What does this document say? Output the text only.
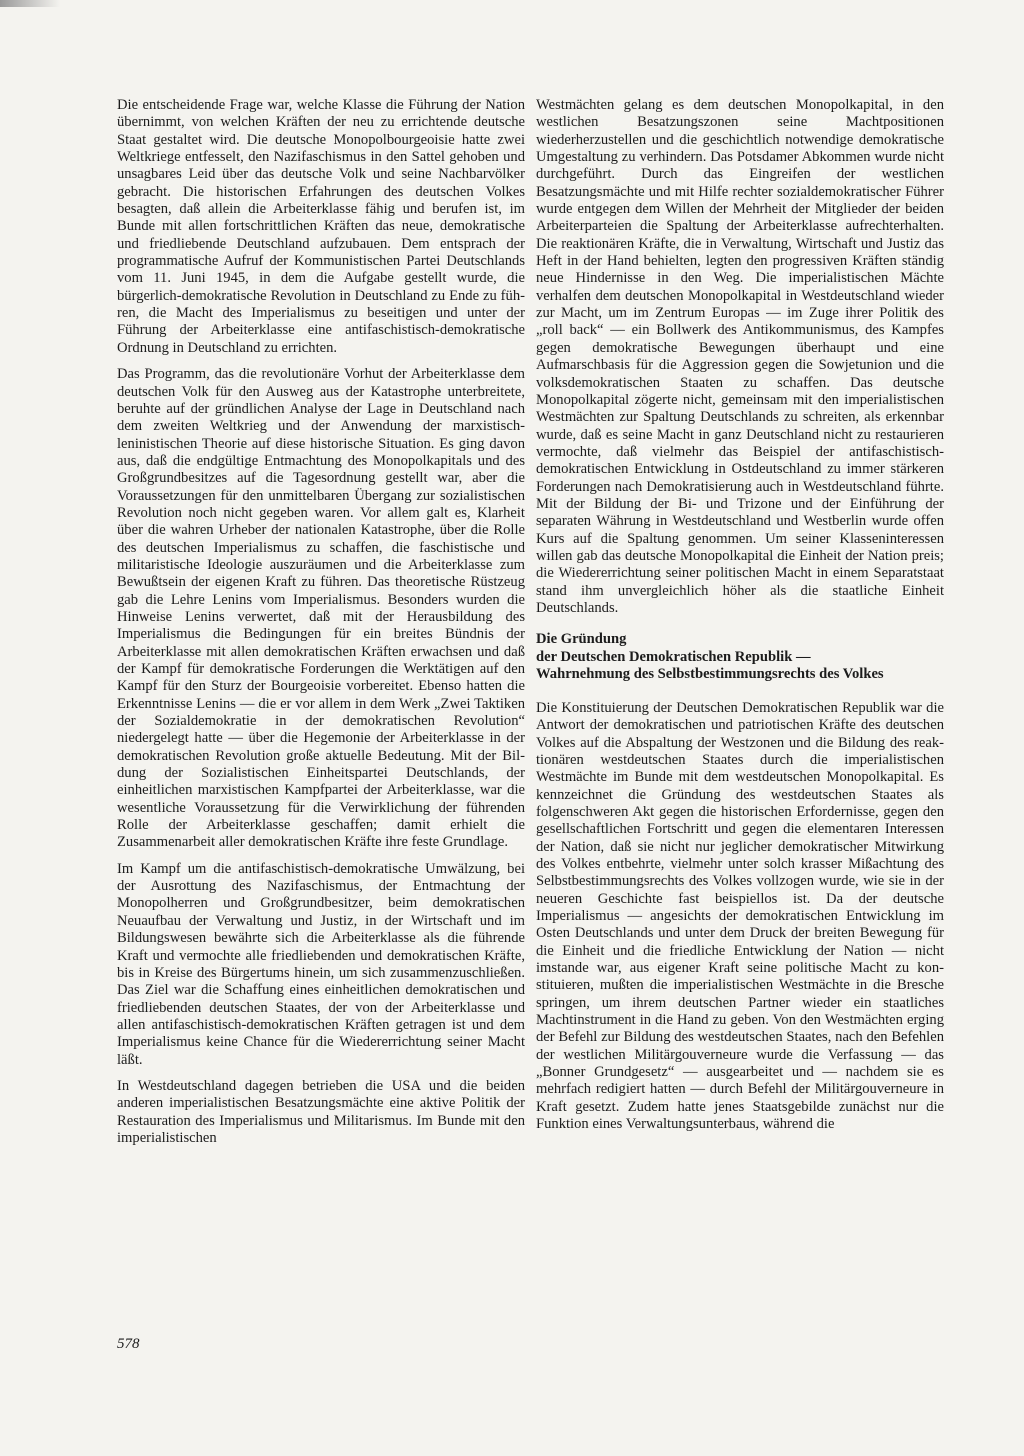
Die entscheidende Frage war, welche Klasse die Führung der Nation übernimmt, von welchen Kräften der neu zu errichtende deutsche Staat gestaltet wird. Die deutsche Monopolbourgeoisie hatte zwei Weltkriege entfesselt, den Nazifaschismus in den Sattel gehoben und unsagbares Leid über das deutsche Volk und seine Nachbarvölker gebracht. Die historischen Erfahrungen des deutschen Volkes besagten, daß allein die Arbeiterklasse fähig und berufen ist, im Bunde mit allen fortschrittlichen Kräften das neue, demokratische und friedliebende Deutschland aufzubauen. Dem entsprach der programmatische Aufruf der Kommunistischen Partei Deutschlands vom 11. Juni 1945, in dem die Aufgabe gestellt wurde, die bürgerlich-demokratische Revolution in Deutschland zu Ende zu führen, die Macht des Imperialismus zu beseitigen und unter der Führung der Arbeiterklasse eine antifaschistisch-demokratische Ordnung in Deutschland zu errichten.

Das Programm, das die revolutionäre Vorhut der Arbeiterklasse dem deutschen Volk für den Ausweg aus der Katastrophe unterbreitete, beruhte auf der gründlichen Analyse der Lage in Deutschland nach dem zweiten Weltkrieg und der Anwendung der marxistisch-leninistischen Theorie auf diese historische Situation. Es ging davon aus, daß die endgültige Entmachtung des Monopolkapitals und des Großgrundbesitzes auf die Tagesordnung gestellt war, aber die Voraussetzungen für den unmittelbaren Übergang zur sozialistischen Revolution noch nicht gegeben waren. Vor allem galt es, Klarheit über die wahren Urheber der nationalen Katastrophe, über die Rolle des deutschen Imperialismus zu schaffen, die faschistische und militaristische Ideologie auszuräumen und die Arbeiterklasse zum Bewußtsein der eigenen Kraft zu führen. Das theoretische Rüstzeug gab die Lehre Lenins vom Imperialismus. Besonders wurden die Hinweise Lenins verwertet, daß mit der Herausbildung des Imperialismus die Bedingungen für ein breites Bündnis der Arbeiterklasse mit allen demokratischen Kräften erwachsen und daß der Kampf für demokratische Forderungen die Werktätigen auf den Kampf für den Sturz der Bourgeoisie vorbereitet. Ebenso hatten die Erkenntnisse Lenins — die er vor allem in dem Werk „Zwei Taktiken der Sozialdemokratie in der demokratischen Revolution“ niedergelegt hatte — über die Hegemonie der Arbeiterklasse in der demokratischen Revolution große aktuelle Bedeutung. Mit der Bildung der Sozialistischen Einheitspartei Deutschlands, der einheitlichen marxistischen Kampfpartei der Arbeiterklasse, war die wesentliche Voraussetzung für die Verwirklichung der führenden Rolle der Arbeiterklasse geschaffen; damit erhielt die Zusammenarbeit aller demokratischen Kräfte ihre feste Grundlage.

Im Kampf um die antifaschistisch-demokratische Umwälzung, bei der Ausrottung des Nazifaschismus, der Entmachtung der Monopolherren und Großgrundbesitzer, beim demokratischen Neuaufbau der Verwaltung und Justiz, in der Wirtschaft und im Bildungswesen bewährte sich die Arbeiterklasse als die führende Kraft und vermochte alle friedliebenden und demokratischen Kräfte, bis in Kreise des Bürgertums hinein, um sich zusammenzuschließen. Das Ziel war die Schaffung eines einheitlichen demokratischen und friedliebenden deutschen Staates, der von der Arbeiterklasse und allen antifaschistisch-demokratischen Kräften getragen ist und dem Imperialismus keine Chance für die Wiedererrichtung seiner Macht läßt.

In Westdeutschland dagegen betrieben die USA und die beiden anderen imperialistischen Besatzungsmächte eine aktive Politik der Restauration des Imperialismus und Militarismus. Im Bunde mit den imperialistischen

Westmächten gelang es dem deutschen Monopolkapital, in den westlichen Besatzungszonen seine Machtpositionen wiederherzustellen und die geschichtlich notwendige demokratische Umgestaltung zu verhindern. Das Potsdamer Abkommen wurde nicht durchgeführt. Durch das Eingreifen der westlichen Besatzungsmächte und mit Hilfe rechter sozialdemokratischer Führer wurde entgegen dem Willen der Mehrheit der Mitglieder der beiden Arbeiterparteien die Spaltung der Arbeiterklasse aufrechterhalten. Die reaktionären Kräfte, die in Verwaltung, Wirtschaft und Justiz das Heft in der Hand behielten, legten den progressiven Kräften ständig neue Hindernisse in den Weg. Die imperialistischen Mächte verhalfen dem deutschen Monopolkapital in Westdeutschland wieder zur Macht, um im Zentrum Europas — im Zuge ihrer Politik des „roll back“ — ein Bollwerk des Antikommunismus, des Kampfes gegen demokratische Bewegungen überhaupt und eine Aufmarschbasis für die Aggression gegen die Sowjetunion und die volksdemokratischen Staaten zu schaffen. Das deutsche Monopolkapital zögerte nicht, gemeinsam mit den imperialistischen Westmächten zur Spaltung Deutschlands zu schreiten, als erkennbar wurde, daß es seine Macht in ganz Deutschland nicht zu restaurieren vermochte, daß vielmehr das Beispiel der antifaschistisch-demokratischen Entwicklung in Ostdeutschland zu immer stärkeren Forderungen nach Demokratisierung auch in Westdeutschland führte. Mit der Bildung der Bi- und Trizone und der Einführung der separaten Währung in Westdeutschland und Westberlin wurde offen Kurs auf die Spaltung genommen. Um seiner Klasseninteressen willen gab das deutsche Monopolkapital die Einheit der Nation preis; die Wiedererrichtung seiner politischen Macht in einem Separatstaat stand ihm unvergleichlich höher als die staatliche Einheit Deutschlands.

Die Gründung
der Deutschen Demokratischen Republik —
Wahrnehmung des Selbstbestimmungsrechts des Volkes

Die Konstituierung der Deutschen Demokratischen Republik war die Antwort der demokratischen und patriotischen Kräfte des deutschen Volkes auf die Abspaltung der Westzonen und die Bildung des reaktionären westdeutschen Staates durch die imperialistischen Westmächte im Bunde mit dem westdeutschen Monopolkapital. Es kennzeichnet die Gründung des westdeutschen Staates als folgenschweren Akt gegen die historischen Erfordernisse, gegen den gesellschaftlichen Fortschritt und gegen die elementaren Interessen der Nation, daß sie nicht nur jeglicher demokratischer Mitwirkung des Volkes entbehrte, vielmehr unter solch krasser Mißachtung des Selbstbestimmungsrechts des Volkes vollzogen wurde, wie sie in der neueren Geschichte fast beispiellos ist. Da der deutsche Imperialismus — angesichts der demokratischen Entwicklung im Osten Deutschlands und unter dem Druck der breiten Bewegung für die Einheit und die friedliche Entwicklung der Nation — nicht imstande war, aus eigener Kraft seine politische Macht zu konstituieren, mußten die imperialistischen Westmächte in die Bresche springen, um ihrem deutschen Partner wieder ein staatliches Machtinstrument in die Hand zu geben. Von den Westmächten erging der Befehl zur Bildung des westdeutschen Staates, nach den Befehlen der westlichen Militärgouverneure wurde die Verfassung — das „Bonner Grundgesetz“ — ausgearbeitet und — nachdem sie es mehrfach redigiert hatten — durch Befehl der Militärgouverneure in Kraft gesetzt. Zudem hatte jenes Staatsgebilde zunächst nur die Funktion eines Verwaltungsunterbaus, während die

578
